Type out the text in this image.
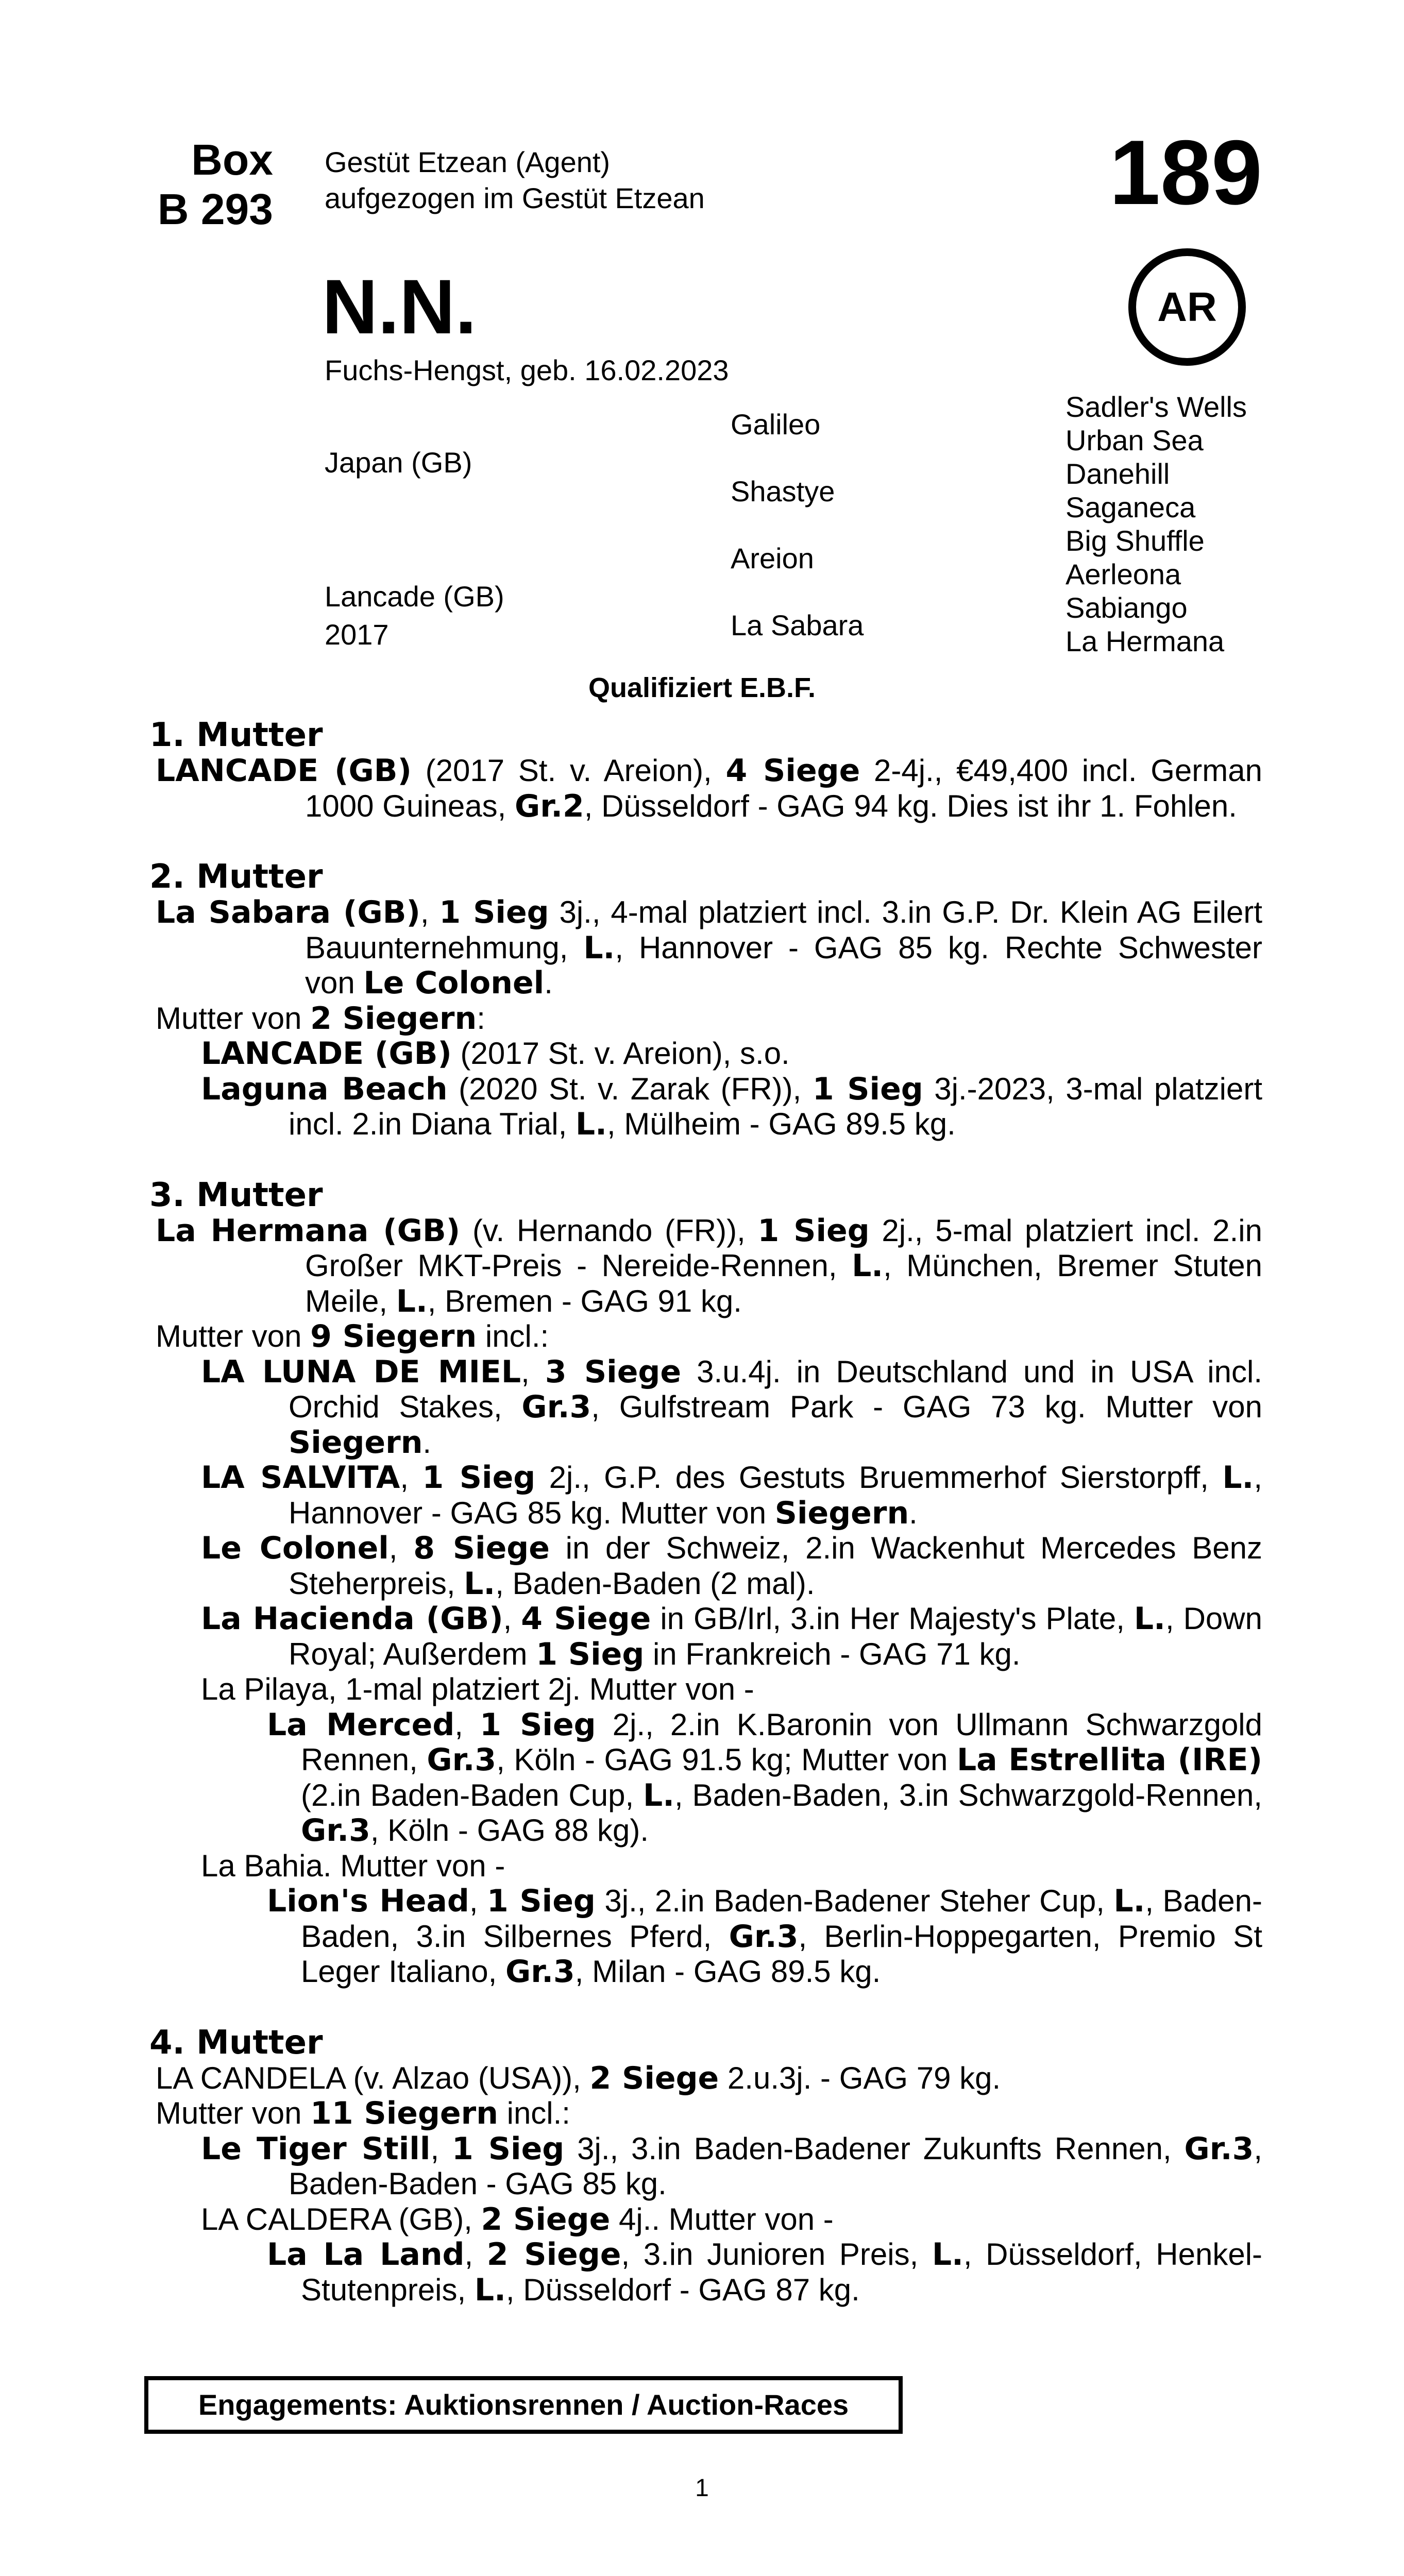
Box
B 293
Gestüt Etzean (Agent)
aufgezogen im Gestüt Etzean	189
AR
N.N.
Fuchs-Hengst, geb. 16.02.2023
Japan (GB)
Lancade (GB)
2017
Galileo
Shastye
Areion
La Sabara
Sadler's Wells
Urban Sea
Danehill
Saganeca
Big Shuffle
Aerleona
Sabiango
La Hermana
Qualifiziert E.B.F.
1. Mutter
LANCADE (GB) (2017 St. v. Areion), 4 Siege 2-4j., €49,400 incl. German 1000 Guineas, Gr.2, Düsseldorf - GAG 94 kg. Dies ist ihr 1. Fohlen.
2. Mutter
La Sabara (GB), 1 Sieg 3j., 4-mal platziert incl. 3.in G.P. Dr. Klein AG Eilert Bauunternehmung, L., Hannover - GAG 85 kg. Rechte Schwester von Le Colonel.
Mutter von 2 Siegern:
LANCADE (GB) (2017 St. v. Areion), s.o.
Laguna Beach (2020 St. v. Zarak (FR)), 1 Sieg 3j.-2023, 3-mal platziert incl. 2.in Diana Trial, L., Mülheim - GAG 89.5 kg.
3. Mutter
La Hermana (GB) (v. Hernando (FR)), 1 Sieg 2j., 5-mal platziert incl. 2.in Großer MKT-Preis - Nereide-Rennen, L., München, Bremer Stuten Meile, L., Bremen - GAG 91 kg.
Mutter von 9 Siegern incl.:
LA LUNA DE MIEL, 3 Siege 3.u.4j. in Deutschland und in USA incl. Orchid Stakes, Gr.3, Gulfstream Park - GAG 73 kg. Mutter von Siegern.
LA SALVITA, 1 Sieg 2j., G.P. des Gestuts Bruemmerhof Sierstorpff, L., Hannover - GAG 85 kg. Mutter von Siegern.
Le Colonel, 8 Siege in der Schweiz, 2.in Wackenhut Mercedes Benz Steherpreis, L., Baden-Baden (2 mal).
La Hacienda (GB), 4 Siege in GB/Irl, 3.in Her Majesty's Plate, L., Down Royal; Außerdem 1 Sieg in Frankreich - GAG 71 kg.
La Pilaya, 1-mal platziert 2j. Mutter von -
La Merced, 1 Sieg 2j., 2.in K.Baronin von Ullmann Schwarzgold Rennen, Gr.3, Köln - GAG 91.5 kg; Mutter von La Estrellita (IRE) (2.in Baden-Baden Cup, L., Baden-Baden, 3.in Schwarzgold-Rennen, Gr.3, Köln - GAG 88 kg).
La Bahia. Mutter von -
Lion's Head, 1 Sieg 3j., 2.in Baden-Badener Steher Cup, L., Baden-Baden, 3.in Silbernes Pferd, Gr.3, Berlin-Hoppegarten, Premio St Leger Italiano, Gr.3, Milan - GAG 89.5 kg.
4. Mutter
LA CANDELA (v. Alzao (USA)), 2 Siege 2.u.3j. - GAG 79 kg.
Mutter von 11 Siegern incl.:
Le Tiger Still, 1 Sieg 3j., 3.in Baden-Badener Zukunfts Rennen, Gr.3, Baden-Baden - GAG 85 kg.
LA CALDERA (GB), 2 Siege 4j.. Mutter von -
La La Land, 2 Siege, 3.in Junioren Preis, L., Düsseldorf, Henkel-Stutenpreis, L., Düsseldorf - GAG 87 kg.
Engagements: Auktionsrennen / Auction-Races
1
